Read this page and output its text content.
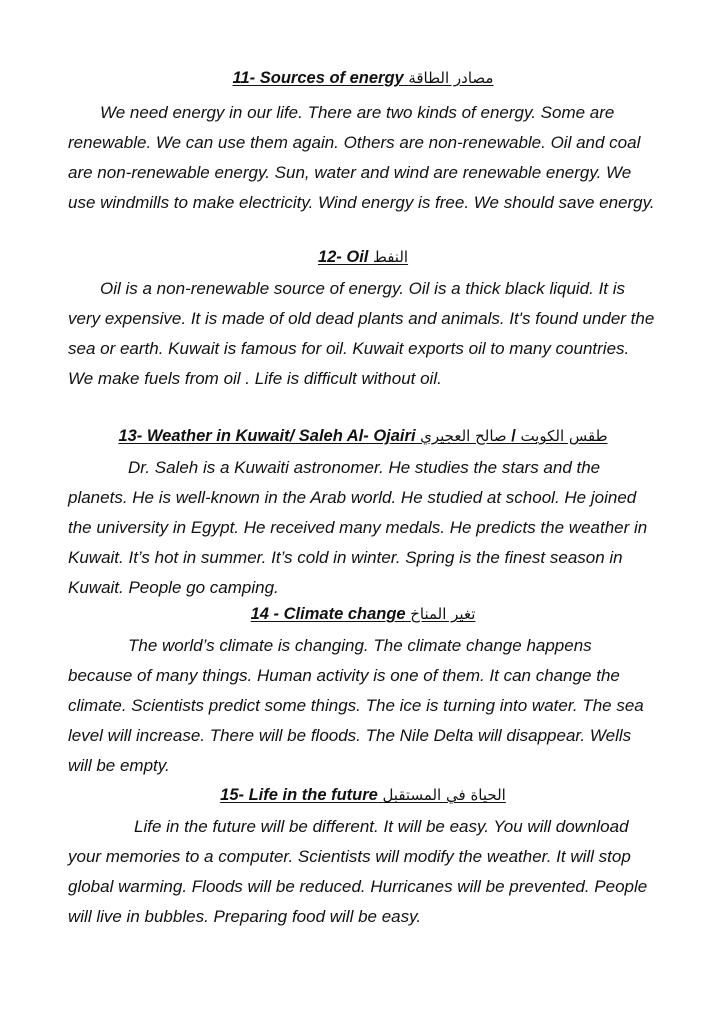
11- Sources of energy مصادر الطاقة

We need energy in our life. There are two kinds of energy. Some are renewable. We can use them again. Others are non-renewable. Oil and coal are non-renewable energy. Sun, water and wind are renewable energy. We use windmills to make electricity. Wind energy is free. We should save energy.

12- Oil النفط

Oil is a non-renewable source of energy. Oil is a thick black liquid. It is very expensive. It is made of old dead plants and animals. It's found under the sea or earth. Kuwait is famous for oil. Kuwait exports oil to many countries. We make fuels from oil . Life is difficult without oil.

13- Weather in Kuwait/ Saleh Al- Ojairi صالح العجيري / طقس الكويت

Dr. Saleh is a Kuwaiti astronomer. He studies the stars and the planets. He is well-known in the Arab world. He studied at school. He joined the university in Egypt. He received many medals. He predicts the weather in Kuwait. It’s hot in summer. It’s cold in winter. Spring is the finest season in Kuwait. People go camping.

14 - Climate change تغير المناخ

The world’s climate is changing. The climate change happens because of many things. Human activity is one of them. It can change the climate. Scientists predict some things. The ice is turning into water. The sea level will increase. There will be floods. The Nile Delta will disappear. Wells will be empty.

15- Life in the future الحياة في المستقبل

Life in the future will be different. It will be easy. You will download your memories to a computer. Scientists will modify the weather. It will stop global warming. Floods will be reduced. Hurricanes will be prevented. People will live in bubbles. Preparing food will be easy.
